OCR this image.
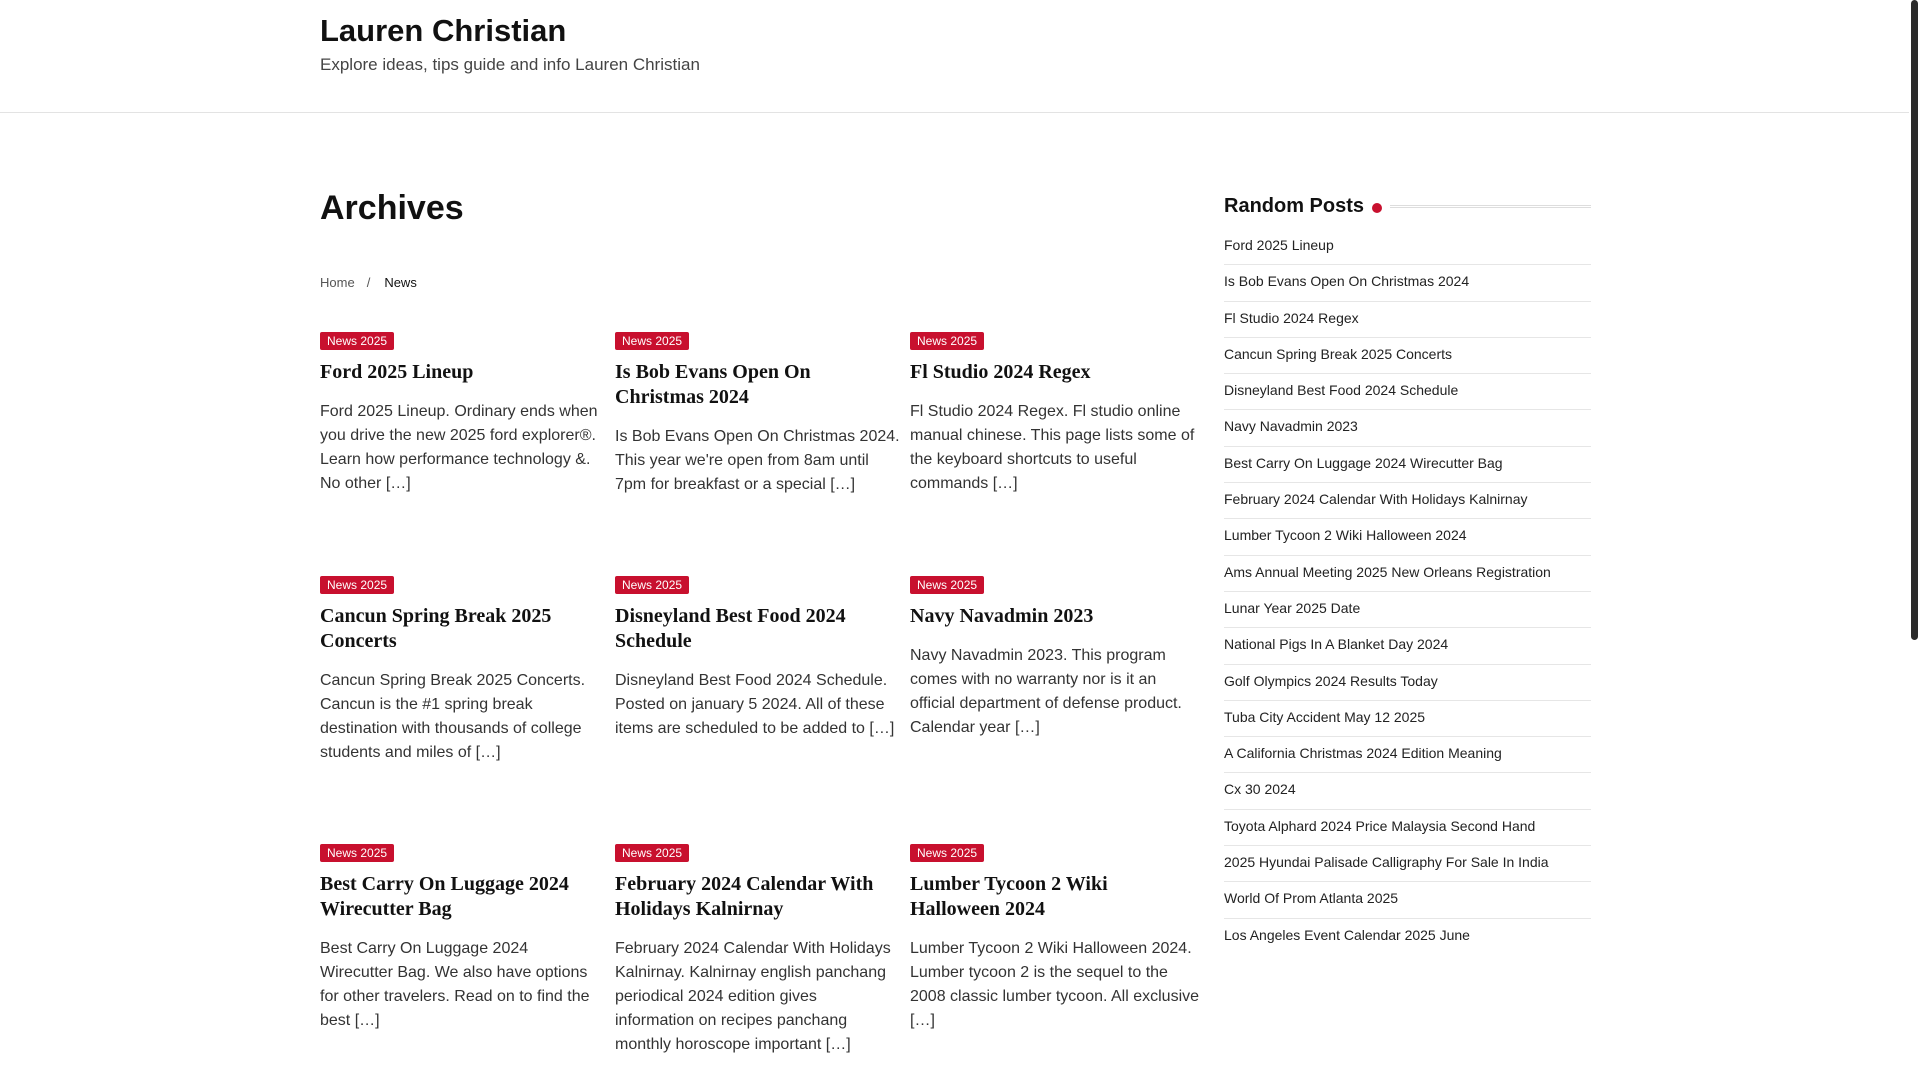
Lauren Christian

Explore ideas, tips guide and info Lauren Christian

Archives
Home / News
News 2025
Ford 2025 Lineup

Ford 2025 Lineup. Ordinary ends when you drive the new 2025 ford explorer®. Learn how performance technology &. No other […]

News 2025
Is Bob Evans Open On Christmas 2024

Is Bob Evans Open On Christmas 2024. This year we're open from 8am until 7pm for breakfast or a special […]

News 2025
Fl Studio 2024 Regex

Fl Studio 2024 Regex. Fl studio online manual chinese. This page lists some of the keyboard shortcuts to useful commands […]

News 2025
Cancun Spring Break 2025 Concerts

Cancun Spring Break 2025 Concerts. Cancun is the #1 spring break destination with thousands of college students and miles of […]

News 2025
Disneyland Best Food 2024 Schedule

Disneyland Best Food 2024 Schedule. Posted on january 5 2024. All of these items are scheduled to be added to […]

News 2025
Navy Navadmin 2023

Navy Navadmin 2023. This program comes with no warranty nor is it an official department of defense product. Calendar year […]

News 2025
Best Carry On Luggage 2024 Wirecutter Bag

Best Carry On Luggage 2024 Wirecutter Bag. We also have options for other travelers. Read on to find the best […]

News 2025
February 2024 Calendar With Holidays Kalnirnay

February 2024 Calendar With Holidays Kalnirnay. Kalnirnay english panchang periodical 2024 edition gives information on recipes panchang monthly horoscope important […]

News 2025
Lumber Tycoon 2 Wiki Halloween 2024

Lumber Tycoon 2 Wiki Halloween 2024. Lumber tycoon 2 is the sequel to the 2008 classic lumber tycoon. All exclusive […]

Random Posts
Ford 2025 Lineup
Is Bob Evans Open On Christmas 2024
Fl Studio 2024 Regex
Cancun Spring Break 2025 Concerts
Disneyland Best Food 2024 Schedule
Navy Navadmin 2023
Best Carry On Luggage 2024 Wirecutter Bag
February 2024 Calendar With Holidays Kalnirnay
Lumber Tycoon 2 Wiki Halloween 2024
Ams Annual Meeting 2025 New Orleans Registration
Lunar Year 2025 Date
National Pigs In A Blanket Day 2024
Golf Olympics 2024 Results Today
Tuba City Accident May 12 2025
A California Christmas 2024 Edition Meaning
Cx 30 2024
Toyota Alphard 2024 Price Malaysia Second Hand
2025 Hyundai Palisade Calligraphy For Sale In India
World Of Prom Atlanta 2025
Los Angeles Event Calendar 2025 June
